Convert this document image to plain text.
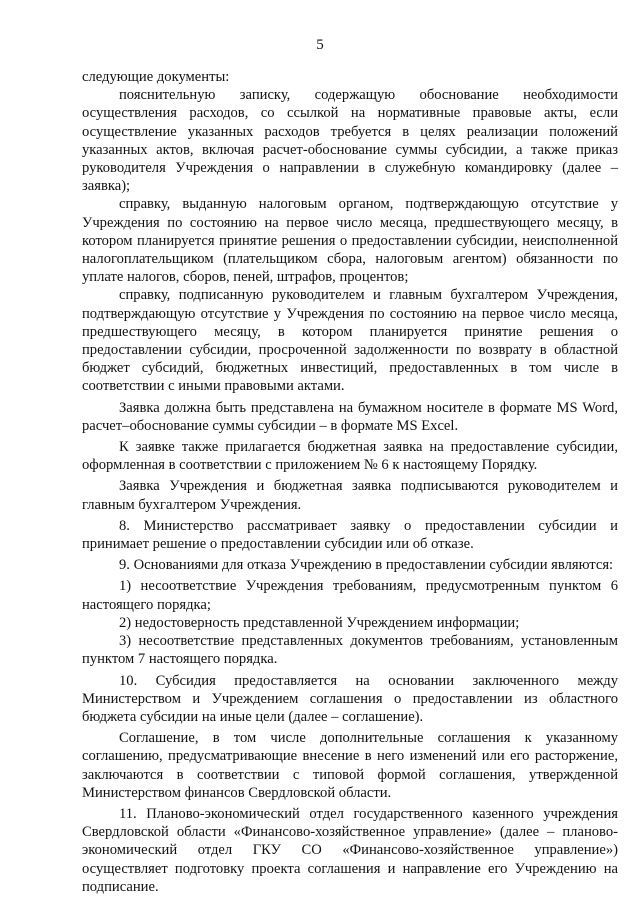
5

следующие документы:

пояснительную записку, содержащую обоснование необходимости осуществления расходов, со ссылкой на нормативные правовые акты, если осуществление указанных расходов требуется в целях реализации положений указанных актов, включая расчет-обоснование суммы субсидии, а также приказ руководителя Учреждения о направлении в служебную командировку (далее – заявка);

справку, выданную налоговым органом, подтверждающую отсутствие у Учреждения по состоянию на первое число месяца, предшествующего месяцу, в котором планируется принятие решения о предоставлении субсидии, неисполненной налогоплательщиком (плательщиком сбора, налоговым агентом) обязанности по уплате налогов, сборов, пеней, штрафов, процентов;

справку, подписанную руководителем и главным бухгалтером Учреждения, подтверждающую отсутствие у Учреждения по состоянию на первое число месяца, предшествующего месяцу, в котором планируется принятие решения о предоставлении субсидии, просроченной задолженности по возврату в областной бюджет субсидий, бюджетных инвестиций, предоставленных в том числе в соответствии с иными правовыми актами.

Заявка должна быть представлена на бумажном носителе в формате MS Word, расчет–обоснование суммы субсидии – в формате MS Excel.

К заявке также прилагается бюджетная заявка на предоставление субсидии, оформленная в соответствии с приложением № 6 к настоящему Порядку.

Заявка Учреждения и бюджетная заявка подписываются руководителем и главным бухгалтером Учреждения.

8. Министерство рассматривает заявку о предоставлении субсидии и принимает решение о предоставлении субсидии или об отказе.

9. Основаниями для отказа Учреждению в предоставлении субсидии являются:

1) несоответствие Учреждения требованиям, предусмотренным пунктом 6 настоящего порядка;

2) недостоверность представленной Учреждением информации;

3) несоответствие представленных документов требованиям, установленным пунктом 7 настоящего порядка.

10. Субсидия предоставляется на основании заключенного между Министерством и Учреждением соглашения о предоставлении из областного бюджета субсидии на иные цели (далее – соглашение).

Соглашение, в том числе дополнительные соглашения к указанному соглашению, предусматривающие внесение в него изменений или его расторжение, заключаются в соответствии с типовой формой соглашения, утвержденной Министерством финансов Свердловской области.

11. Планово-экономический отдел государственного казенного учреждения Свердловской области «Финансово-хозяйственное управление» (далее – планово-экономический отдел ГКУ СО «Финансово-хозяйственное управление») осуществляет подготовку проекта соглашения и направление его Учреждению на подписание.
